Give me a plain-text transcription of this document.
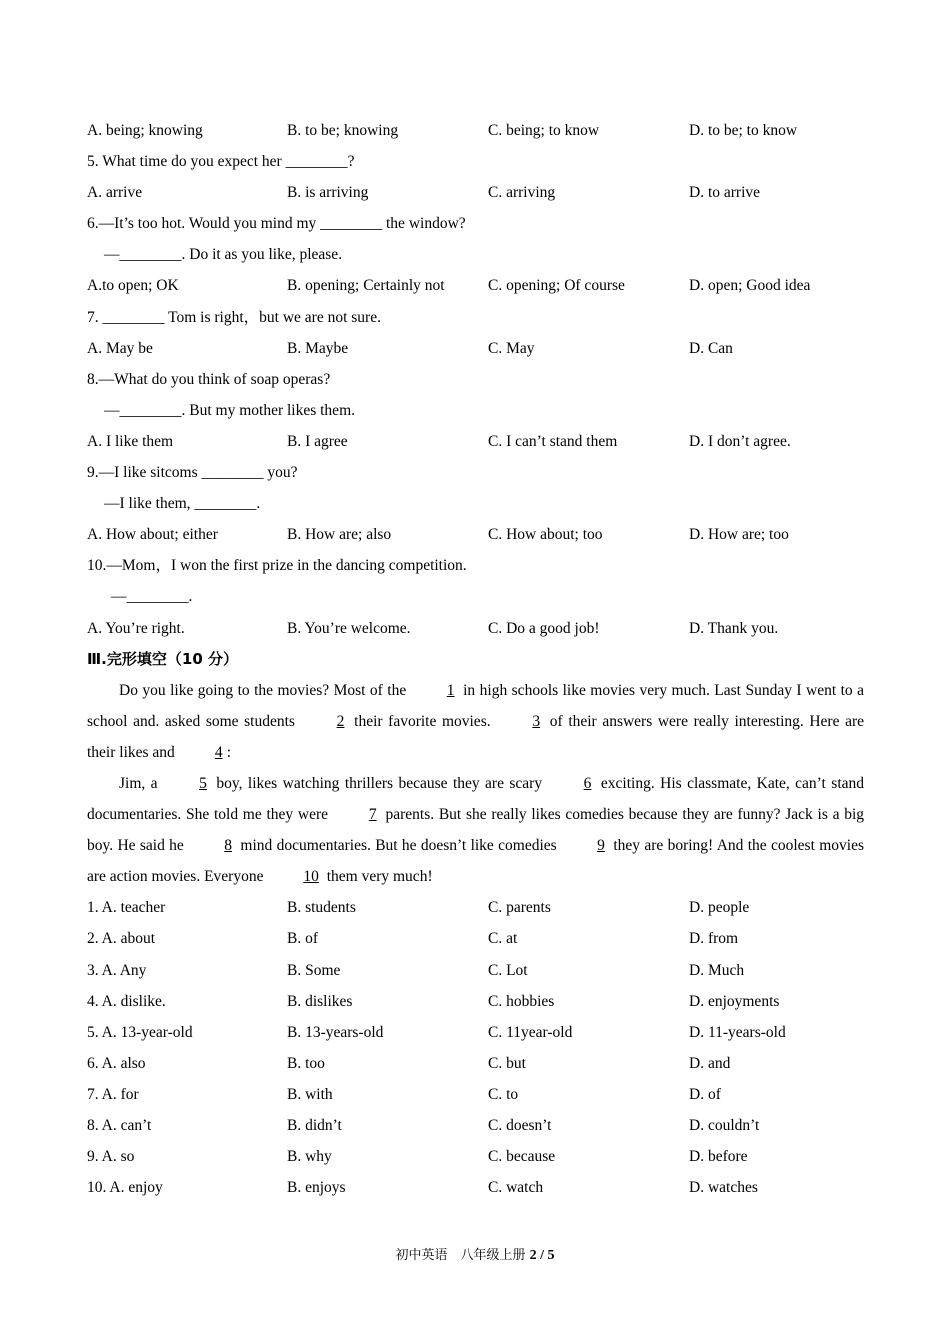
A. being; knowing	B. to be; knowing	C. being; to know	D. to be; to know
5. What time do you expect her ________?
A. arrive	B. is arriving	C. arriving	D. to arrive
6.—It’s too hot. Would you mind my ________ the window?
—________. Do it as you like, please.
A.to open; OK	B. opening; Certainly not	C. opening; Of course	D. open; Good idea
7. ________ Tom is right，but we are not sure.
A. May be	B. Maybe	C. May	D. Can
8.—What do you think of soap operas?
—________. But my mother likes them.
A. I like them	B. I agree	C. I can’t stand them	D. I don’t agree.
9.—I like sitcoms ________ you?
—I like them, ________.
A. How about; either	B. How are; also	C. How about; too	D. How are; too
10.—Mom，I won the first prize in the dancing competition.
—________.
A. You’re right.	B. You’re welcome.	C. Do a good job!	D. Thank you.
Ⅲ.完形填空（10 分）
Do you like going to the movies? Most of the 1 in high schools like movies very much. Last Sunday I went to a school and. asked some students 2 their favorite movies. 3 of their answers were really interesting. Here are their likes and 4 :
Jim, a 5 boy, likes watching thrillers because they are scary 6 exciting. His classmate, Kate, can’t stand documentaries. She told me they were 7 parents. But she really likes comedies because they are funny? Jack is a big boy. He said he 8 mind documentaries. But he doesn’t like comedies 9 they are boring! And the coolest movies are action movies. Everyone 10 them very much!
1. A. teacher	B. students	C. parents	D. people
2. A. about	B. of	C. at	D. from
3. A. Any	B. Some	C. Lot	D. Much
4. A. dislike.	B. dislikes	C. hobbies	D. enjoyments
5. A. 13-year-old	B. 13-years-old	C. 11year-old	D. 11-years-old
6. A. also	B. too	C. but	D. and
7. A. for	B. with	C. to	D. of
8. A. can’t	B. didn’t	C. doesn’t	D. couldn’t
9. A. so	B. why	C. because	D. before
10. A. enjoy	B. enjoys	C. watch	D. watches
初中英语　八年级上册 2 / 5
